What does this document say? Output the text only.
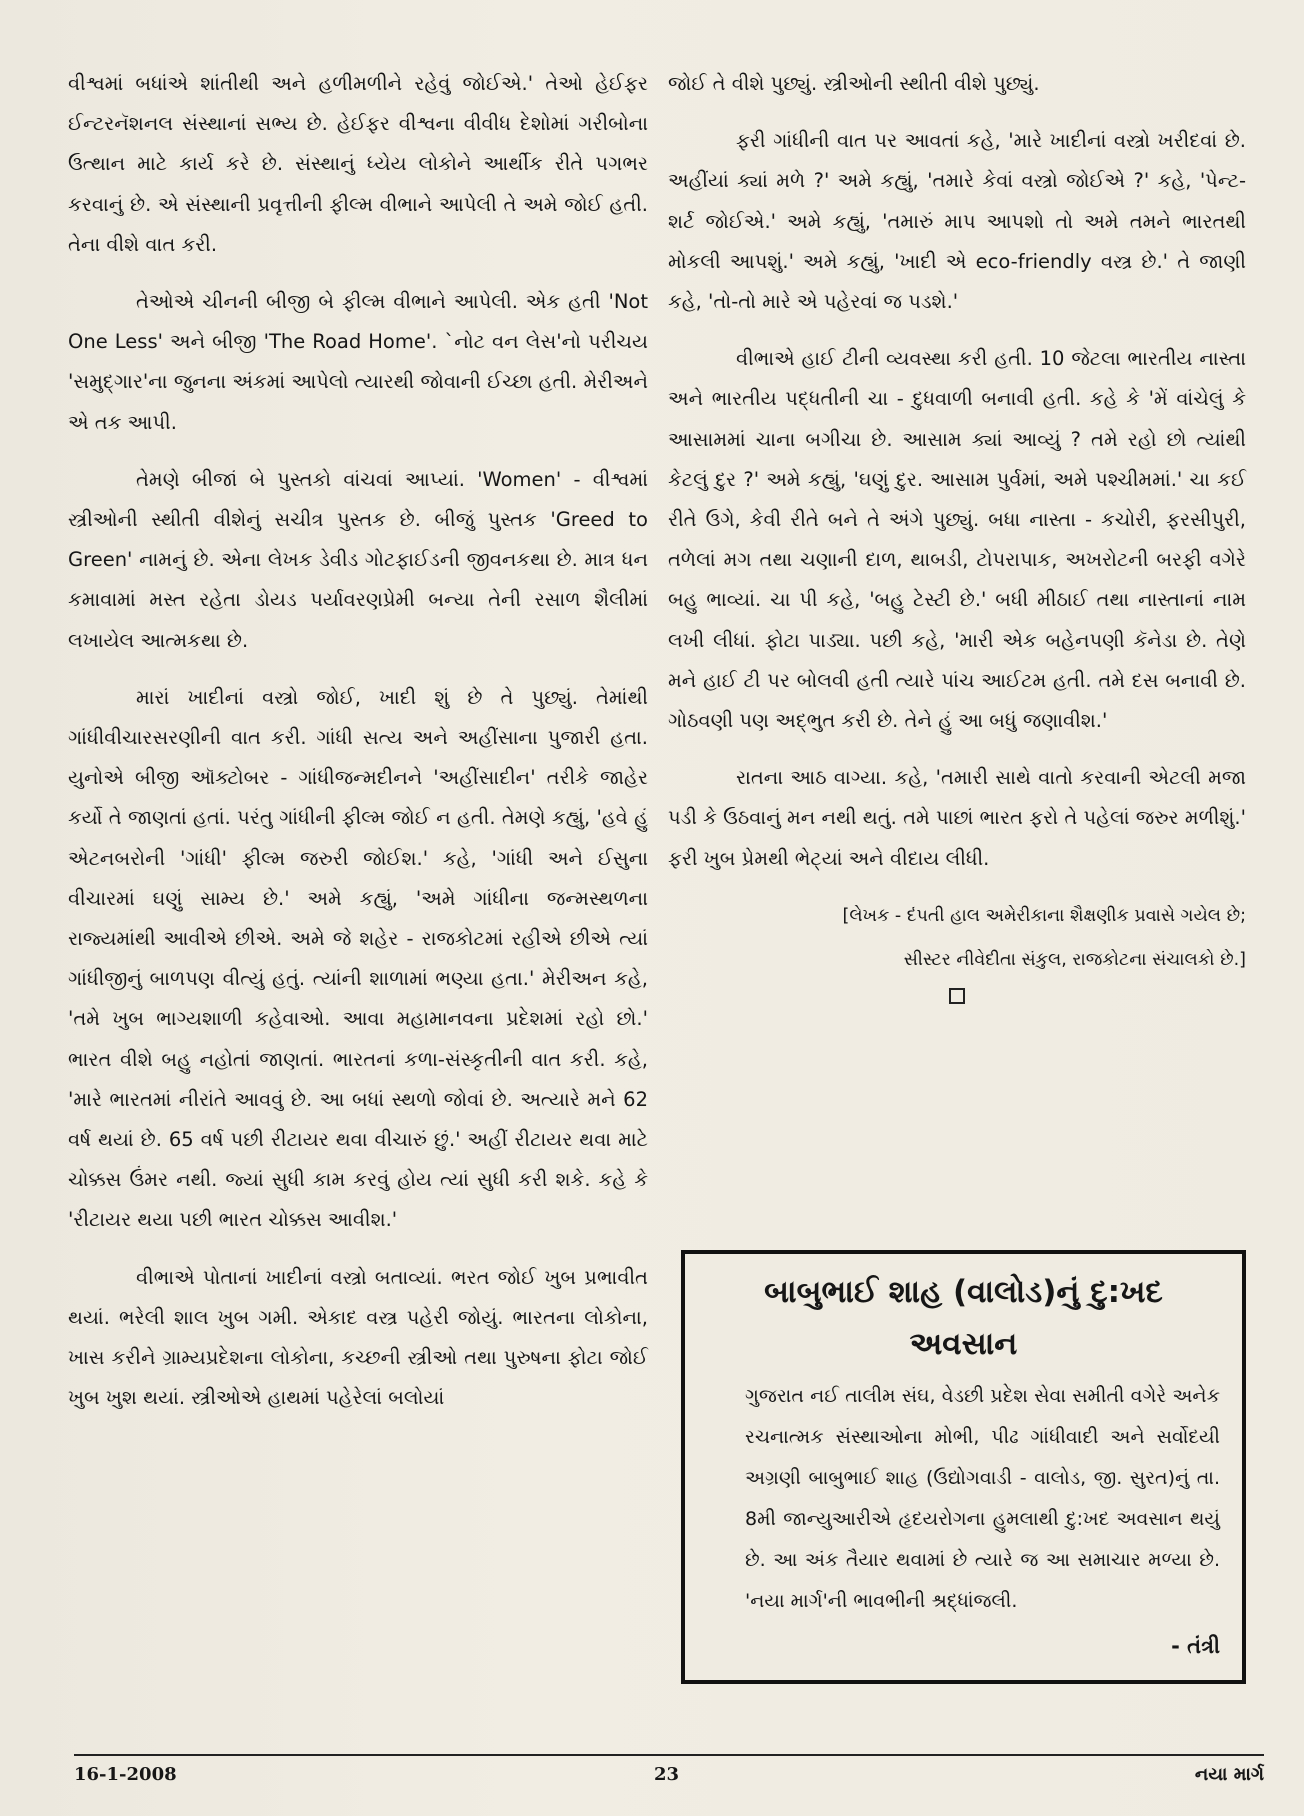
વીશ્વમાં બધાંએ શાંતીથી અને હળીમળીને રહેવું જોઈએ.' તેઓ હેઈફર ઈન્ટરનૅશનલ સંસ્થાનાં સભ્ય છે. હેઈફર વીશ્વના વીવીધ દેશોમાં ગરીબોના ઉત્થાન માટે કાર્ય કરે છે. સંસ્થાનું ધ્યેય લોકોને આર્થીક રીતે પગભર કરવાનું છે. એ સંસ્થાની પ્રવૃત્તીની ફીલ્મ વીભાને આપેલી તે અમે જોઈ હતી. તેના વીશે વાત કરી.

તેઓએ ચીનની બીજી બે ફીલ્મ વીભાને આપેલી. એક હતી 'Not One Less' અને બીજી 'The Road Home'. `નોટ વન લેસ'નો પરીચય 'સમુદ્‌ગાર'ના જુનના અંકમાં આપેલો ત્યારથી જોવાની ઈચ્છા હતી. મેરીઅને એ તક આપી.

તેમણે બીજાં બે પુસ્તકો વાંચવાં આપ્યાં. 'Women' - વીશ્વમાં સ્ત્રીઓની સ્થીતી વીશેનું સચીત્ર પુસ્તક છે. બીજું પુસ્તક 'Greed to Green' નામનું છે. એના લેખક ડેવીડ ગોટફાઈડની જીવનકથા છે. માત્ર ધન કમાવામાં મસ્ત રહેતા ડોયડ પર્યાવરણપ્રેમી બન્યા તેની રસાળ શૈલીમાં લખાયેલ આત્મકથા છે.

મારાં ખાદીનાં વસ્ત્રો જોઈ, ખાદી શું છે તે પુછ્યું. તેમાંથી ગાંધીવીચારસરણીની વાત કરી. ગાંધી સત્ય અને અહીંસાના પુજારી હતા. યુનોએ બીજી ઑક્ટોબર - ગાંધીજન્મદીનને 'અહીંસાદીન' તરીકે જાહેર કર્યો તે જાણતાં હતાં. પરંતુ ગાંધીની ફીલ્મ જોઈ ન હતી. તેમણે કહ્યું, 'હવે હું એટનબરોની 'ગાંધી' ફીલ્મ જરુરી જોઈશ.' કહે, 'ગાંધી અને ઈસુના વીચારમાં ઘણું સામ્ય છે.' અમે કહ્યું, 'અમે ગાંધીના જન્મસ્થળના રાજ્યમાંથી આવીએ છીએ. અમે જે શહેર - રાજકોટમાં રહીએ છીએ ત્યાં ગાંધીજીનું બાળપણ વીત્યું હતું. ત્યાંની શાળામાં ભણ્યા હતા.' મેરીઅન કહે, 'તમે ખુબ ભાગ્યશાળી કહેવાઓ. આવા મહામાનવના પ્રદેશમાં રહો છો.' ભારત વીશે બહુ નહોતાં જાણતાં. ભારતનાં કળા-સંસ્કૃતીની વાત કરી. કહે, 'મારે ભારતમાં નીરાંતે આવવું છે. આ બધાં સ્થળો જોવાં છે. અત્યારે મને 62 વર્ષ થયાં છે. 65 વર્ષ પછી રીટાયર થવા વીચારું છું.' અહીં રીટાયર થવા માટે ચોક્કસ ઉંમર નથી. જ્યાં સુધી કામ કરવું હોય ત્યાં સુધી કરી શકે. કહે કે 'રીટાયર થયા પછી ભારત ચોક્કસ આવીશ.'

વીભાએ પોતાનાં ખાદીનાં વસ્ત્રો બતાવ્યાં. ભરત જોઈ ખુબ પ્રભાવીત થયાં. ભરેલી શાલ ખુબ ગમી. એકાદ વસ્ત્ર પહેરી જોયું. ભારતના લોકોના, ખાસ કરીને ગ્રામ્યપ્રદેશના લોકોના, કચ્છની સ્ત્રીઓ તથા પુરુષના ફોટા જોઈ ખુબ ખુશ થયાં. સ્ત્રીઓએ હાથમાં પહેરેલાં બલોયાં

જોઈ તે વીશે પુછ્યું. સ્ત્રીઓની સ્થીતી વીશે પુછ્યું.

ફરી ગાંધીની વાત પર આવતાં કહે, 'મારે ખાદીનાં વસ્ત્રો ખરીદવાં છે. અહીંયાં ક્યાં મળે ?' અમે કહ્યું, 'તમારે કેવાં વસ્ત્રો જોઈએ ?' કહે, 'પેન્ટ-શર્ટ જોઈએ.' અમે કહ્યું, 'તમારું માપ આપશો તો અમે તમને ભારતથી મોકલી આપશું.' અમે કહ્યું, 'ખાદી એ eco-friendly વસ્ત્ર છે.' તે જાણી કહે, 'તો-તો મારે એ પહેરવાં જ પડશે.'

વીભાએ હાઈ ટીની વ્યવસ્થા કરી હતી. 10 જેટલા ભારતીય નાસ્તા અને ભારતીય પદ્ધતીની ચા - દુધવાળી બનાવી હતી. કહે કે 'મેં વાંચેલું કે આસામમાં ચાના બગીચા છે. આસામ ક્યાં આવ્યું ? તમે રહો છો ત્યાંથી કેટલું દુર ?' અમે કહ્યું, 'ઘણું દુર. આસામ પુર્વમાં, અમે પશ્ચીમમાં.' ચા કઈ રીતે ઉગે, કેવી રીતે બને તે અંગે પુછ્યું. બધા નાસ્તા - કચોરી, ફરસીપુરી, તળેલાં મગ તથા ચણાની દાળ, થાબડી, ટોપરાપાક, અખરોટની બરફી વગેરે બહુ ભાવ્યાં. ચા પી કહે, 'બહુ ટેસ્ટી છે.' બધી મીઠાઈ તથા નાસ્તાનાં નામ લખી લીધાં. ફોટા પાડ્યા. પછી કહે, 'મારી એક બહેનપણી કૅનેડા છે. તેણે મને હાઈ ટી પર બોલવી હતી ત્યારે પાંચ આઈટમ હતી. તમે દસ બનાવી છે. ગોઠવણી પણ અદ્‌ભુત કરી છે. તેને હું આ બધું જણાવીશ.'

રાતના આઠ વાગ્યા. કહે, 'તમારી સાથે વાતો કરવાની એટલી મજા પડી કે ઉઠવાનું મન નથી થતું. તમે પાછાં ભારત ફરો તે પહેલાં જરુર મળીશું.' ફરી ખુબ પ્રેમથી ભેટ્યાં અને વીદાય લીધી.

[લેખક - દંપતી હાલ અમેરીકાના શૈક્ષણીક પ્રવાસે ગયેલ છે;

સીસ્ટર નીવેદીતા સંકુલ, રાજકોટના સંચાલકો છે.]

બાબુભાઈ શાહ (વાલોડ)નું દુ:ખદ અવસાન

ગુજરાત નઈ તાલીમ સંઘ, વેડછી પ્રદેશ સેવા સમીતી વગેરે અનેક રચનાત્મક સંસ્થાઓના મોભી, પીઢ ગાંધીવાદી અને સર્વોદયી અગ્રણી બાબુભાઈ શાહ (ઉદ્યોગવાડી - વાલોડ, જી. સુરત)નું તા. 8મી જાન્યુઆરીએ હૃદયરોગના હુમલાથી દુ:ખદ અવસાન થયું છે. આ અંક તૈયાર થવામાં છે ત્યારે જ આ સમાચાર મળ્યા છે. 'નયા માર્ગ'ની ભાવભીની શ્રદ્ધાંજલી.

- તંત્રી

16-1-2008	23	નયા માર્ગ
